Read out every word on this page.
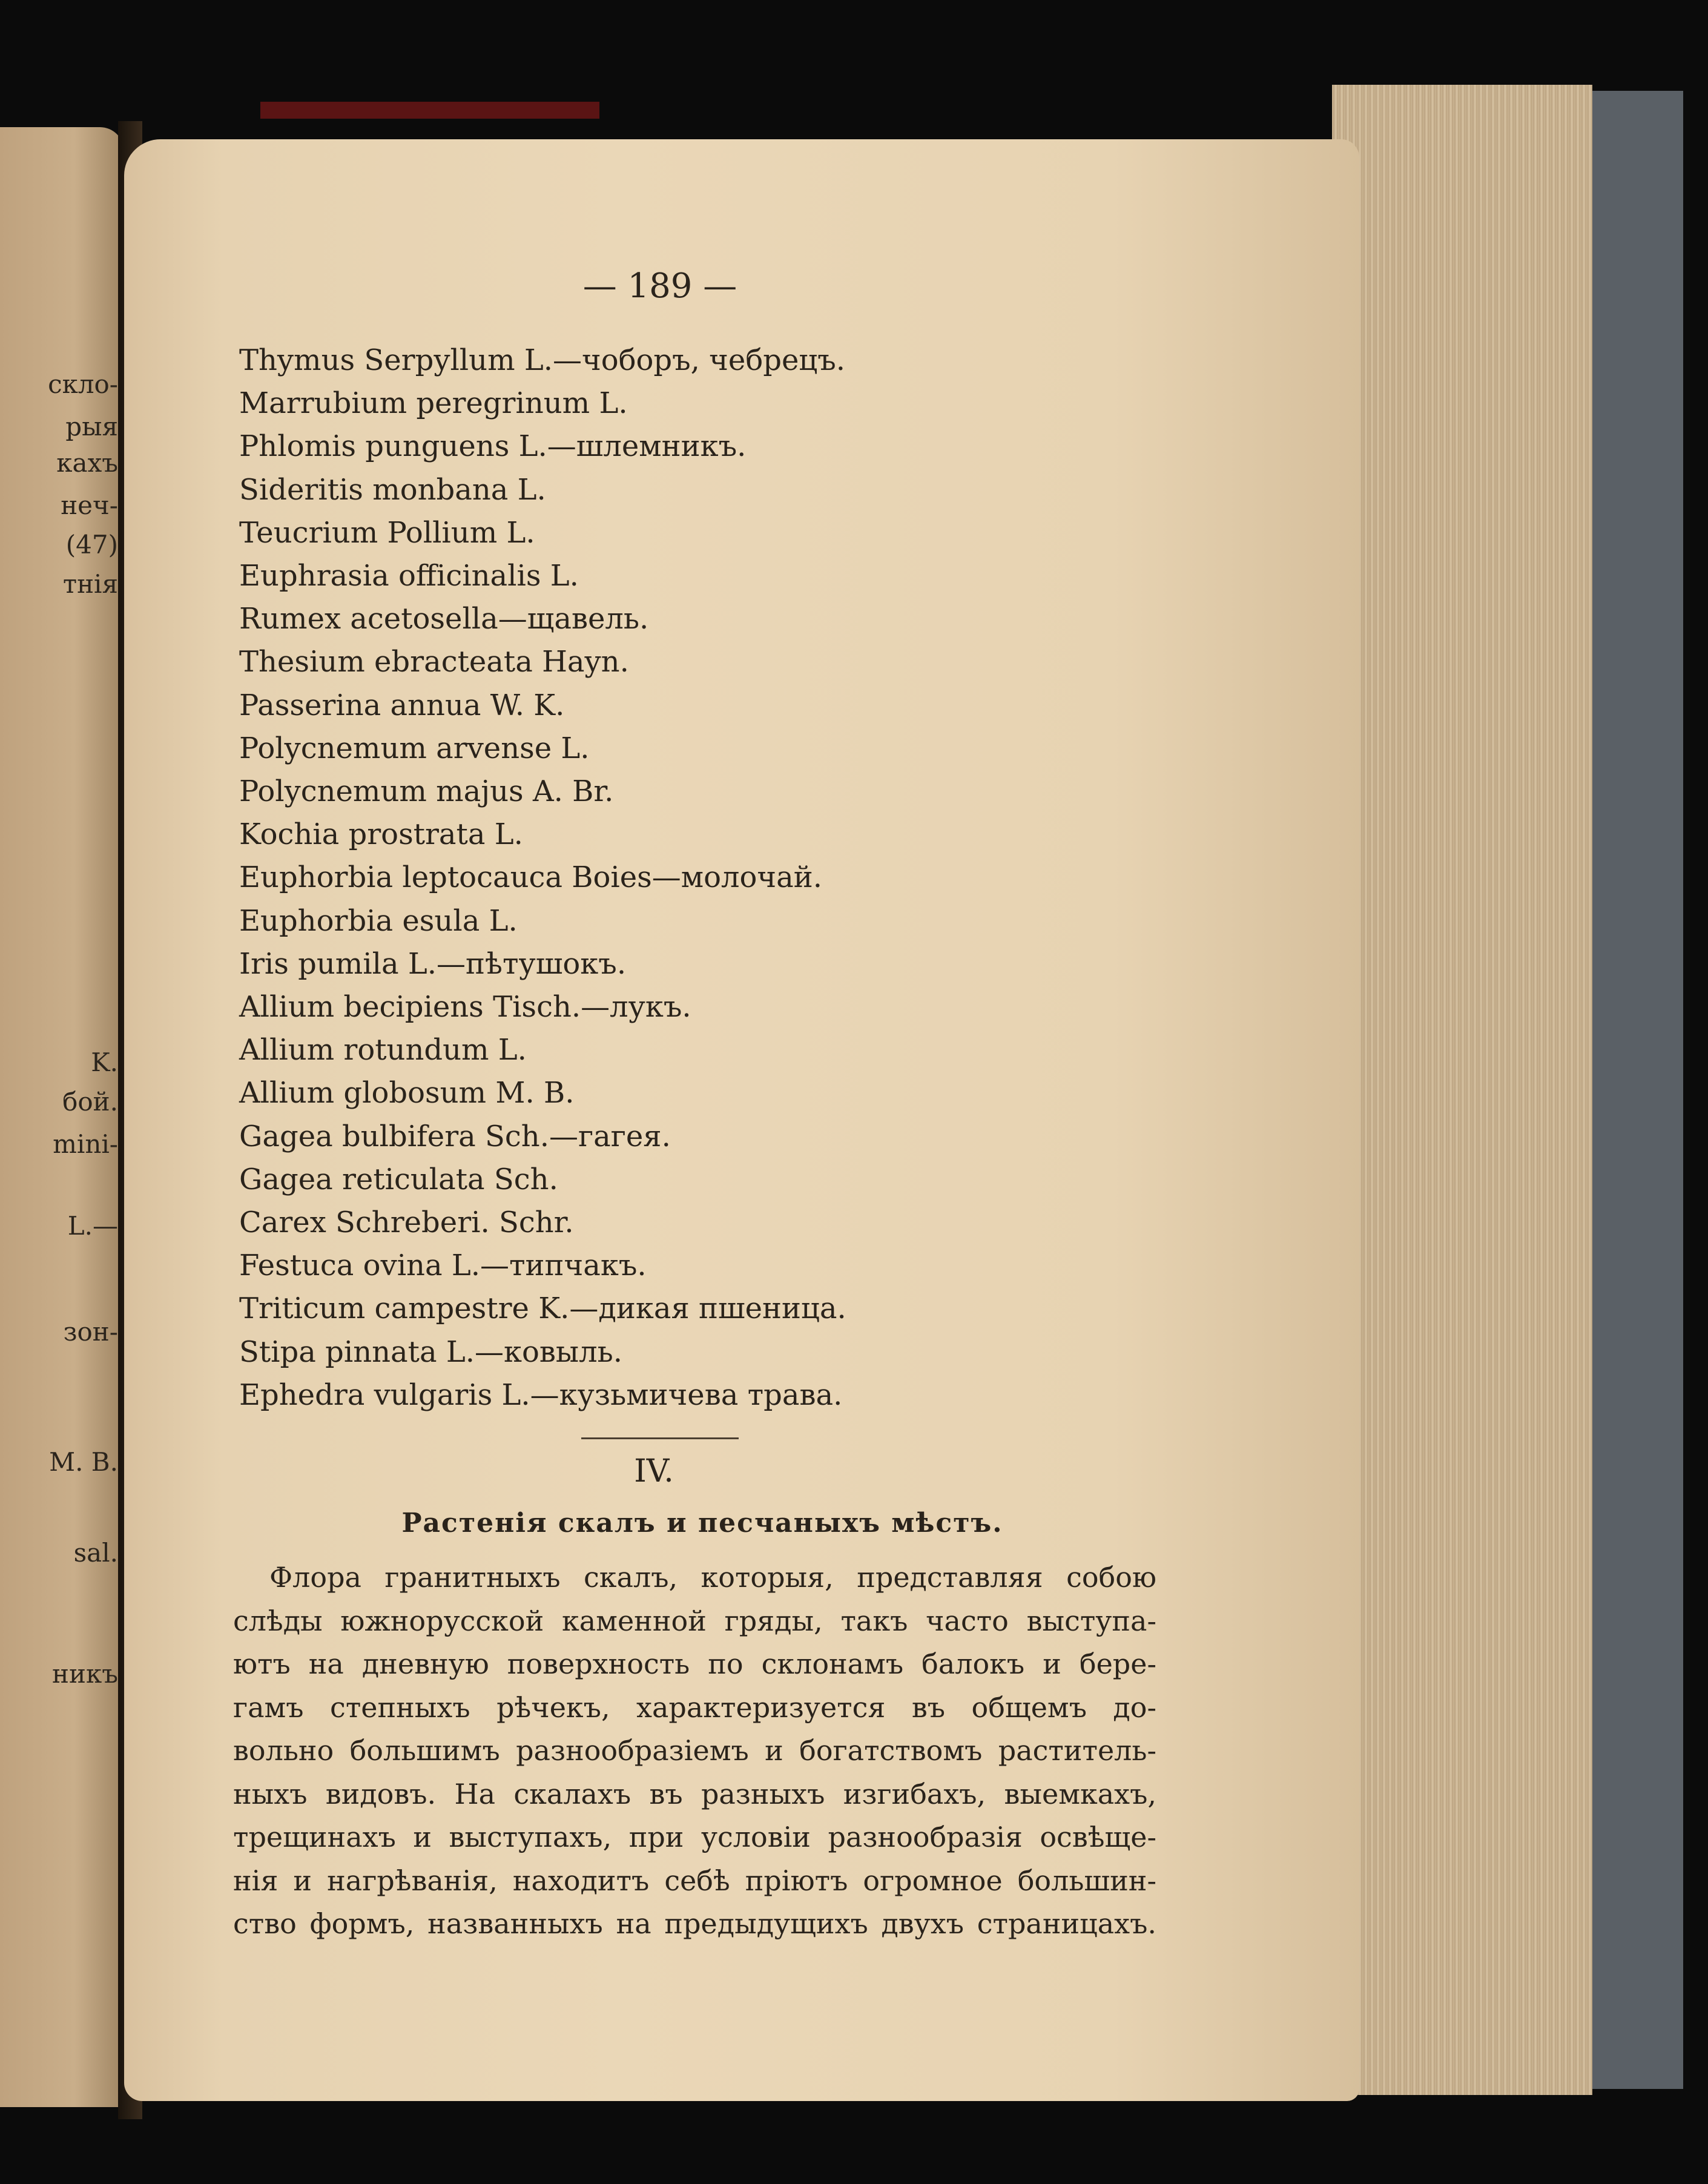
скло-
рыя
кахъ
неч-
(47)
тнія
K.
бой.
mini-
L.—
зон-
M. B.
sal.
никъ
— 189 —
Thymus Serpyllum L.—чоборъ, чебрецъ.
Marrubium peregrinum L.
Phlomis punguens L.—шлемникъ.
Sideritis monbana L.
Teucrium Pollium L.
Euphrasia officinalis L.
Rumex acetosella—щавель.
Thesium ebracteata Hayn.
Passerina annua W. K.
Polycnemum arvense L.
Polycnemum majus A. Br.
Kochia prostrata L.
Euphorbia leptocauca Boies—молочай.
Euphorbia esula L.
Iris pumila L.—пѣтушокъ.
Allium becipiens Tisch.—лукъ.
Allium rotundum L.
Allium globosum M. B.
Gagea bulbifera Sch.—гагея.
Gagea reticulata Sch.
Carex Schreberi. Schr.
Festuca ovina L.—типчакъ.
Triticum campestre K.—дикая пшеница.
Stipa pinnata L.—ковыль.
Ephedra vulgaris L.—кузьмичева трава.
IV.
Растенія скалъ и песчаныхъ мѣстъ.
Флора гранитныхъ скалъ, которыя, представляя собою
слѣды южнорусской каменной гряды, такъ часто выступа-
ютъ на дневную поверхность по склонамъ балокъ и бере-
гамъ степныхъ рѣчекъ, характеризуется въ общемъ до-
вольно большимъ разнообразіемъ и богатствомъ раститель-
ныхъ видовъ. На скалахъ въ разныхъ изгибахъ, выемкахъ,
трещинахъ и выступахъ, при условіи разнообразія освѣще-
нія и нагрѣванія, находитъ себѣ пріютъ огромное большин-
ство формъ, названныхъ на предыдущихъ двухъ страницахъ.
